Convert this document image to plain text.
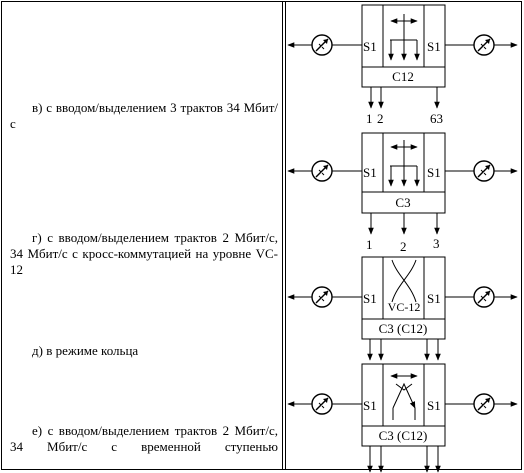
в) с вводом/выделением 3 трактов 34 Мбит/с
г) с вводом/выделением трактов 2 Мбит/с, 34 Мбит/с с кросс-коммутацией на уровне VC-12
д) в режиме кольца
е) с вводом/выделением трактов 2 Мбит/с, 34 Мбит/с с временной ступенью
S1	S1
C12
1 2	63
S1	S1
C3
1 2 3
S1	S1
VC-12
C3 (C12)
S1	S1
C3 (C12)
